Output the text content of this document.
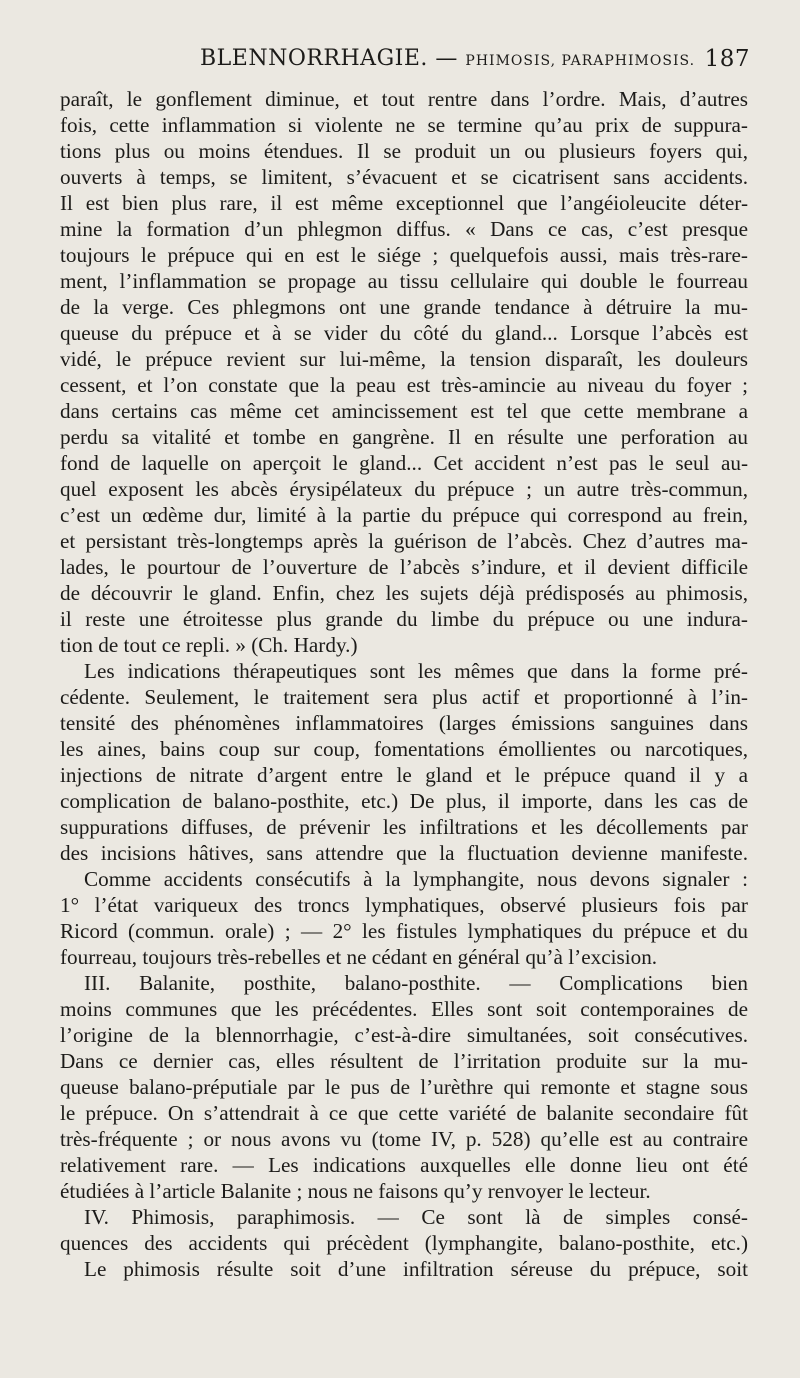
BLENNORRHAGIE. — PHIMOSIS, PARAPHIMOSIS. 187
paraît, le gonflement diminue, et tout rentre dans l’ordre. Mais, d’autres
fois, cette inflammation si violente ne se termine qu’au prix de suppura-
tions plus ou moins étendues. Il se produit un ou plusieurs foyers qui,
ouverts à temps, se limitent, s’évacuent et se cicatrisent sans accidents.
Il est bien plus rare, il est même exceptionnel que l’angéioleucite déter-
mine la formation d’un phlegmon diffus. « Dans ce cas, c’est presque
toujours le prépuce qui en est le siége ; quelquefois aussi, mais très-rare-
ment, l’inflammation se propage au tissu cellulaire qui double le fourreau
de la verge. Ces phlegmons ont une grande tendance à détruire la mu-
queuse du prépuce et à se vider du côté du gland... Lorsque l’abcès est
vidé, le prépuce revient sur lui-même, la tension disparaît, les douleurs
cessent, et l’on constate que la peau est très-amincie au niveau du foyer ;
dans certains cas même cet amincissement est tel que cette membrane a
perdu sa vitalité et tombe en gangrène. Il en résulte une perforation au
fond de laquelle on aperçoit le gland... Cet accident n’est pas le seul au-
quel exposent les abcès érysipélateux du prépuce ; un autre très-commun,
c’est un œdème dur, limité à la partie du prépuce qui correspond au frein,
et persistant très-longtemps après la guérison de l’abcès. Chez d’autres ma-
lades, le pourtour de l’ouverture de l’abcès s’indure, et il devient difficile
de découvrir le gland. Enfin, chez les sujets déjà prédisposés au phimosis,
il reste une étroitesse plus grande du limbe du prépuce ou une indura-
tion de tout ce repli. » (Ch. Hardy.)
Les indications thérapeutiques sont les mêmes que dans la forme pré-
cédente. Seulement, le traitement sera plus actif et proportionné à l’in-
tensité des phénomènes inflammatoires (larges émissions sanguines dans
les aines, bains coup sur coup, fomentations émollientes ou narcotiques,
injections de nitrate d’argent entre le gland et le prépuce quand il y a
complication de balano-posthite, etc.) De plus, il importe, dans les cas de
suppurations diffuses, de prévenir les infiltrations et les décollements par
des incisions hâtives, sans attendre que la fluctuation devienne manifeste.
Comme accidents consécutifs à la lymphangite, nous devons signaler :
1° l’état variqueux des troncs lymphatiques, observé plusieurs fois par
Ricord (commun. orale) ; — 2° les fistules lymphatiques du prépuce et du
fourreau, toujours très-rebelles et ne cédant en général qu’à l’excision.
III. Balanite, posthite, balano-posthite. — Complications bien
moins communes que les précédentes. Elles sont soit contemporaines de
l’origine de la blennorrhagie, c’est-à-dire simultanées, soit consécutives.
Dans ce dernier cas, elles résultent de l’irritation produite sur la mu-
queuse balano-préputiale par le pus de l’urèthre qui remonte et stagne sous
le prépuce. On s’attendrait à ce que cette variété de balanite secondaire fût
très-fréquente ; or nous avons vu (tome IV, p. 528) qu’elle est au contraire
relativement rare. — Les indications auxquelles elle donne lieu ont été
étudiées à l’article Balanite ; nous ne faisons qu’y renvoyer le lecteur.
IV. Phimosis, paraphimosis. — Ce sont là de simples consé-
quences des accidents qui précèdent (lymphangite, balano-posthite, etc.)
Le phimosis résulte soit d’une infiltration séreuse du prépuce, soit
